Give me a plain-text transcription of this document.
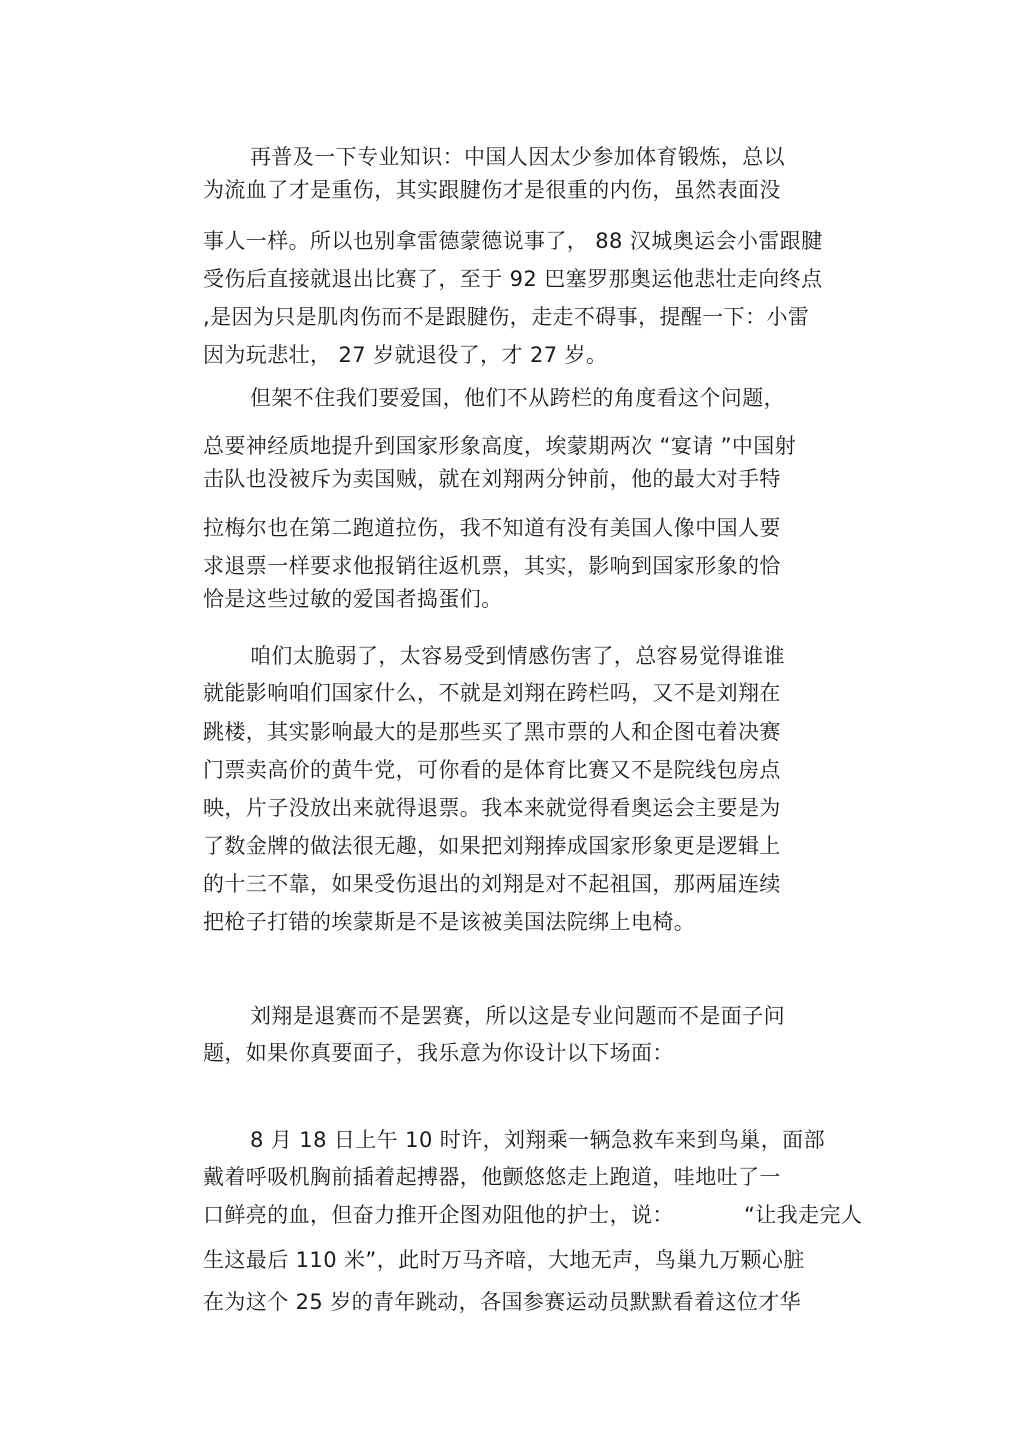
再普及一下专业知识：中国人因太少参加体育锻炼，总以
为流血了才是重伤，其实跟腱伤才是很重的内伤，虽然表面没
事人一样。所以也别拿雷德蒙德说事了， 88 汉城奥运会小雷跟腱
受伤后直接就退出比赛了，至于 92 巴塞罗那奥运他悲壮走向终点
,是因为只是肌肉伤而不是跟腱伤，走走不碍事，提醒一下：小雷
因为玩悲壮， 27 岁就退役了，才 27 岁。
但架不住我们要爱国，他们不从跨栏的角度看这个问题，
总要神经质地提升到国家形象高度，埃蒙期两次 “宴请 ”中国射
击队也没被斥为卖国贼，就在刘翔两分钟前，他的最大对手特
拉梅尔也在第二跑道拉伤，我不知道有没有美国人像中国人要
求退票一样要求他报销往返机票，其实，影响到国家形象的恰
恰是这些过敏的爱国者捣蛋们。
咱们太脆弱了，太容易受到情感伤害了，总容易觉得谁谁
就能影响咱们国家什么，不就是刘翔在跨栏吗，又不是刘翔在
跳楼，其实影响最大的是那些买了黑市票的人和企图屯着决赛
门票卖高价的黄牛党，可你看的是体育比赛又不是院线包房点
映，片子没放出来就得退票。我本来就觉得看奥运会主要是为
了数金牌的做法很无趣，如果把刘翔捧成国家形象更是逻辑上
的十三不靠，如果受伤退出的刘翔是对不起祖国，那两届连续
把枪子打错的埃蒙斯是不是该被美国法院绑上电椅。
刘翔是退赛而不是罢赛，所以这是专业问题而不是面子问
题，如果你真要面子，我乐意为你设计以下场面：
8 月 18 日上午 10 时许，刘翔乘一辆急救车来到鸟巢，面部
戴着呼吸机胸前插着起搏器，他颤悠悠走上跑道，哇地吐了一
口鲜亮的血，但奋力推开企图劝阻他的护士，说：	“让我走完人
生这最后 110 米”，此时万马齐喑，大地无声，鸟巢九万颗心脏
在为这个 25 岁的青年跳动，各国参赛运动员默默看着这位才华
